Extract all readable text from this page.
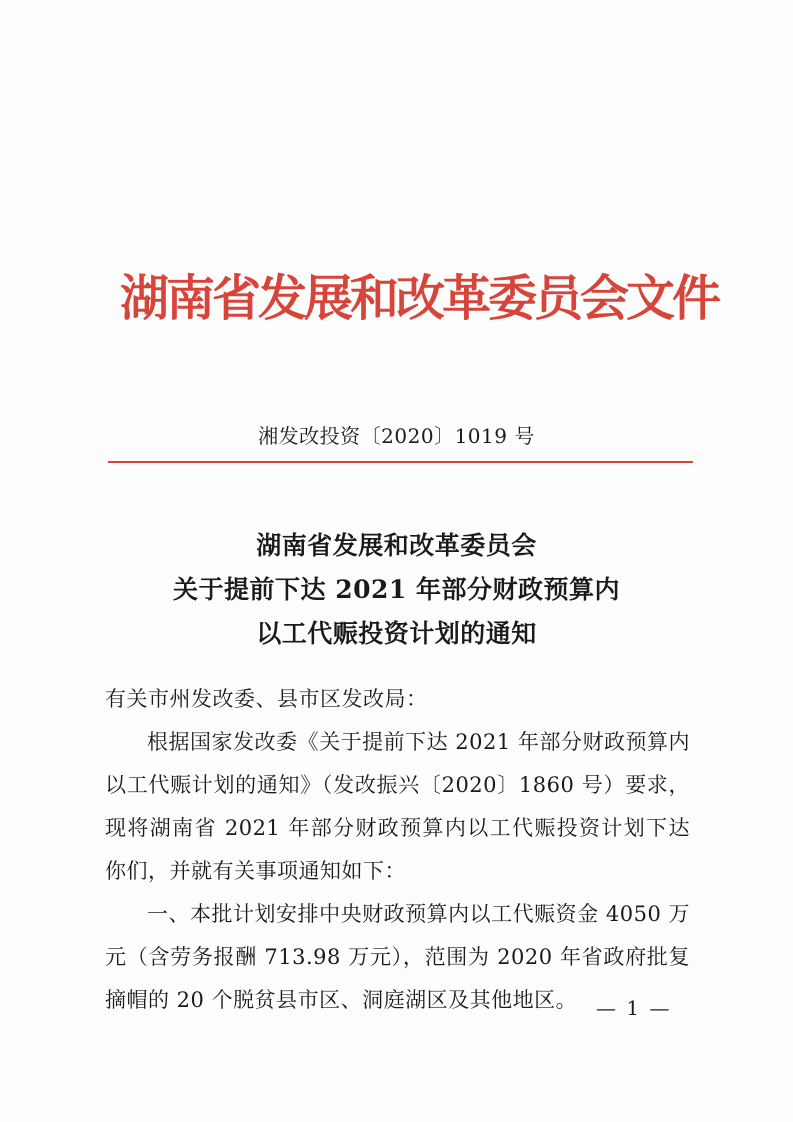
湖南省发展和改革委员会文件
湘发改投资〔2020〕1019 号
湖南省发展和改革委员会
关于提前下达 2021 年部分财政预算内
以工代赈投资计划的通知

有关市州发改委、县市区发改局：

根据国家发改委《关于提前下达 2021 年部分财政预算内以工代赈计划的通知》（发改振兴〔2020〕1860 号）要求，现将湖南省 2021 年部分财政预算内以工代赈投资计划下达你们，并就有关事项通知如下：

一、本批计划安排中央财政预算内以工代赈资金 4050 万元（含劳务报酬 713.98 万元），范围为 2020 年省政府批复摘帽的 20 个脱贫县市区、洞庭湖区及其他地区。 — 1 —
